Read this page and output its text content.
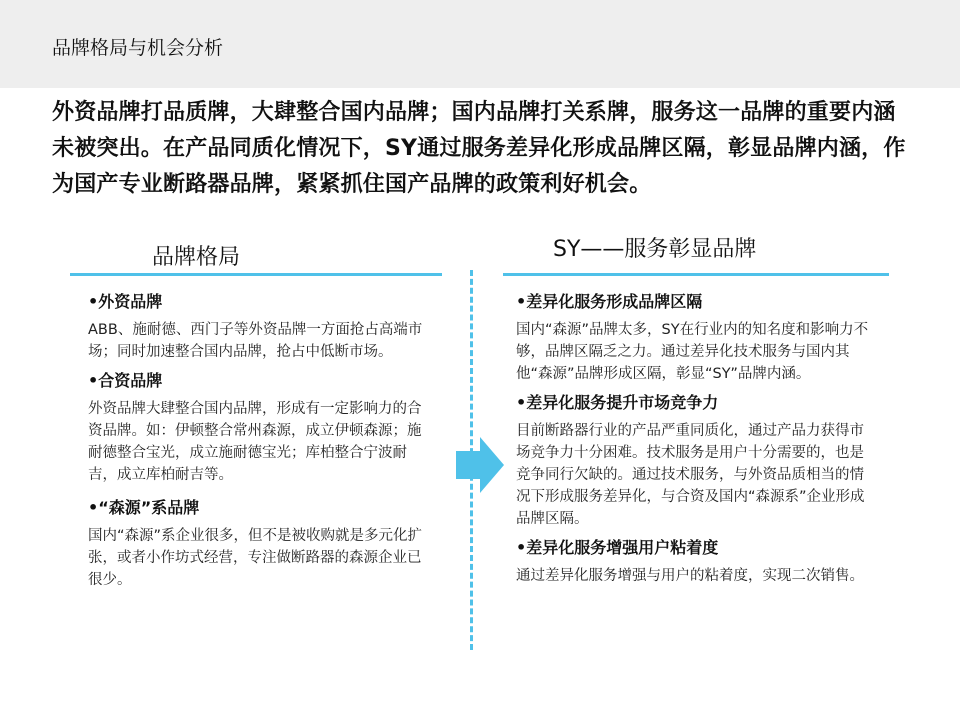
品牌格局与机会分析
外资品牌打品质牌，大肆整合国内品牌；国内品牌打关系牌，服务这一品牌的重要内涵未被突出。在产品同质化情况下，SY通过服务差异化形成品牌区隔，彰显品牌内涵，作为国产专业断路器品牌，紧紧抓住国产品牌的政策利好机会。
品牌格局	SY——服务彰显品牌
•外资品牌
ABB、施耐德、西门子等外资品牌一方面抢占高端市场；同时加速整合国内品牌，抢占中低断市场。
•合资品牌
外资品牌大肆整合国内品牌，形成有一定影响力的合资品牌。如：伊顿整合常州森源，成立伊顿森源；施耐德整合宝光，成立施耐德宝光；库柏整合宁波耐吉，成立库柏耐吉等。
•“森源”系品牌
国内“森源”系企业很多，但不是被收购就是多元化扩张，或者小作坊式经营，专注做断路器的森源企业已很少。
•差异化服务形成品牌区隔
国内“森源”品牌太多，SY在行业内的知名度和影响力不够，品牌区隔乏之力。通过差异化技术服务与国内其他“森源”品牌形成区隔，彰显“SY”品牌内涵。
•差异化服务提升市场竞争力
目前断路器行业的产品严重同质化，通过产品力获得市场竞争力十分困难。技术服务是用户十分需要的，也是竞争同行欠缺的。通过技术服务，与外资品质相当的情况下形成服务差异化，与合资及国内“森源系”企业形成品牌区隔。
•差异化服务增强用户粘着度
通过差异化服务增强与用户的粘着度，实现二次销售。
